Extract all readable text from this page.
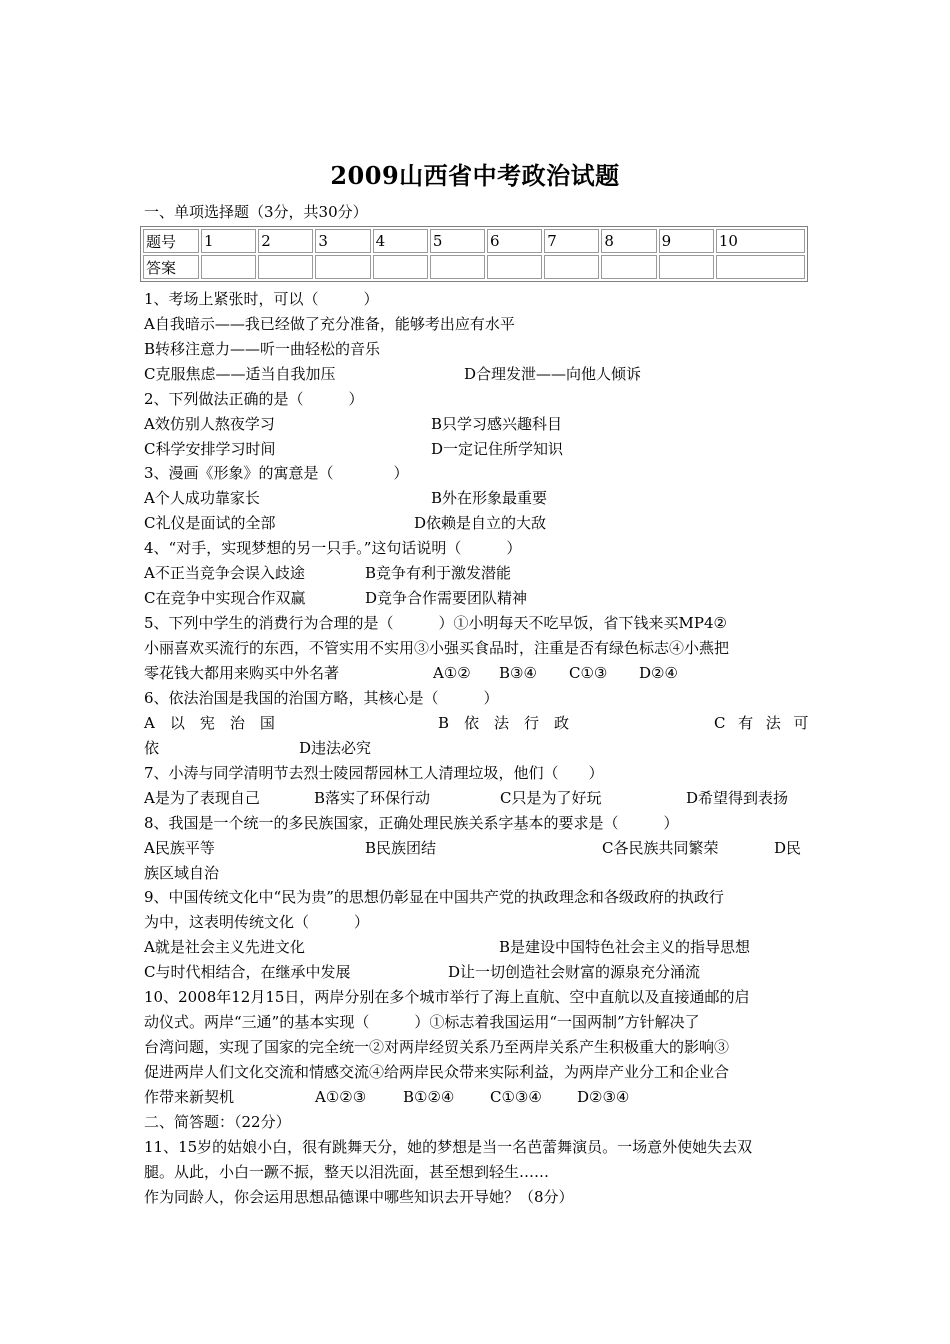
2009山西省中考政治试题
一、单项选择题（3分，共30分）
题号	1	2	3	4	5	6	7	8	9	10
答案										
1、考场上紧张时，可以（　　　）
A自我暗示——我已经做了充分准备，能够考出应有水平
B转移注意力——听一曲轻松的音乐
C克服焦虑——适当自我加压	D合理发泄——向他人倾诉
2、下列做法正确的是（　　　）
A效仿别人熬夜学习	B只学习感兴趣科目
C科学安排学习时间	D一定记住所学知识
3、漫画《形象》的寓意是（　　　　）
A个人成功靠家长	B外在形象最重要
C礼仪是面试的全部	D依赖是自立的大敌
4、“对手，实现梦想的另一只手。”这句话说明（　　　）
A不正当竞争会误入歧途	B竞争有利于激发潜能
C在竞争中实现合作双赢	D竞争合作需要团队精神
5、下列中学生的消费行为合理的是（　　　）①小明每天不吃早饭，省下钱来买MP4②
小丽喜欢买流行的东西，不管实用不实用③小强买食品时，注重是否有绿色标志④小燕把
零花钱大都用来购买中外名著	A①② B③④ C①③ D②④
6、依法治国是我国的治国方略，其核心是（　　　）
A　以　宪　治　国	B　依　法　行　政	C　有　法　可
依	D违法必究
7、小涛与同学清明节去烈士陵园帮园林工人清理垃圾，他们（　　）
A是为了表现自己	B落实了环保行动	C只是为了好玩	D希望得到表扬
8、我国是一个统一的多民族国家，正确处理民族关系字基本的要求是（　　　）
A民族平等	B民族团结	C各民族共同繁荣	D民
族区域自治
9、中国传统文化中“民为贵”的思想仍彰显在中国共产党的执政理念和各级政府的执政行
为中，这表明传统文化（　　　）
A就是社会主义先进文化	B是建设中国特色社会主义的指导思想
C与时代相结合，在继承中发展	D让一切创造社会财富的源泉充分涌流
10、2008年12月15日，两岸分别在多个城市举行了海上直航、空中直航以及直接通邮的启
动仪式。两岸“三通”的基本实现（　　　）①标志着我国运用“一国两制”方针解决了
台湾问题，实现了国家的完全统一②对两岸经贸关系乃至两岸关系产生积极重大的影响③
促进两岸人们文化交流和情感交流④给两岸民众带来实际利益，为两岸产业分工和企业合
作带来新契机	A①②③ B①②④ C①③④ D②③④
二、简答题：（22分）
11、15岁的姑娘小白，很有跳舞天分，她的梦想是当一名芭蕾舞演员。一场意外使她失去双
腿。从此，小白一蹶不振，整天以泪洗面，甚至想到轻生……
作为同龄人，你会运用思想品德课中哪些知识去开导她？（8分）
